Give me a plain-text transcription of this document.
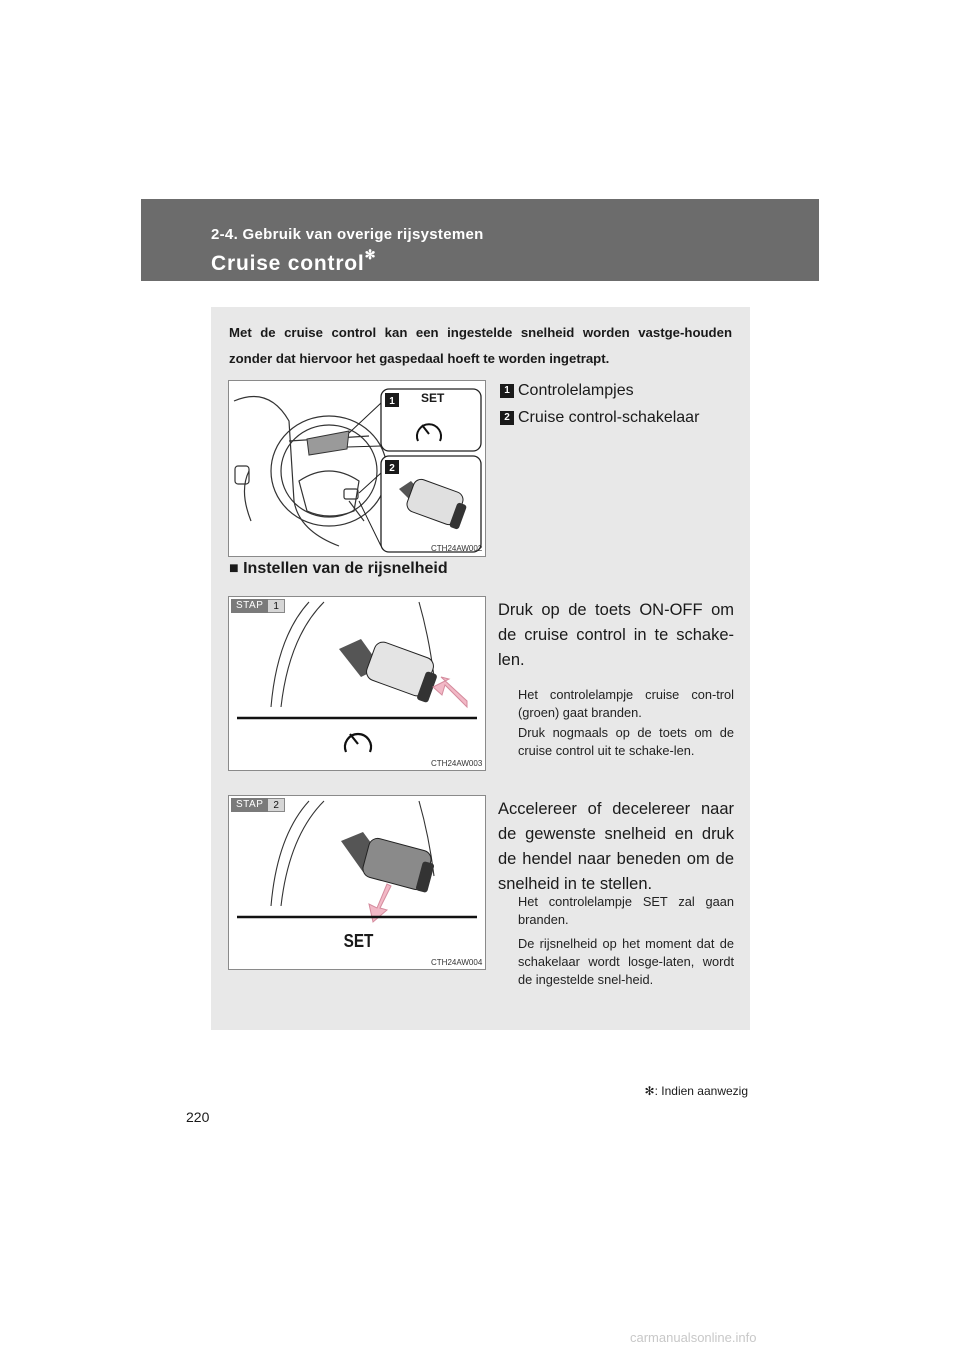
2-4. Gebruik van overige rijsystemen
Cruise control✻
Met de cruise control kan een ingestelde snelheid worden vastge-houden zonder dat hiervoor het gaspedaal hoeft te worden ingetrapt.
1
2
CTH24AW002
SET
1 Controlelampjes
2 Cruise control-schakelaar
■ Instellen van de rijsnelheid
STAP	1
CTH24AW003
Druk op de toets ON-OFF om de cruise control in te schake-len.
Het controlelampje cruise con-trol (groen) gaat branden.
Druk nogmaals op de toets om de cruise control uit te schake-len.
STAP	2
SET
CTH24AW004
Accelereer of decelereer naar de gewenste snelheid en druk de hendel naar beneden om de snelheid in te stellen.
Het controlelampje SET zal gaan branden.
De rijsnelheid op het moment dat de schakelaar wordt losge-laten, wordt de ingestelde snel-heid.
✻: Indien aanwezig
220
carmanualsonline.info
